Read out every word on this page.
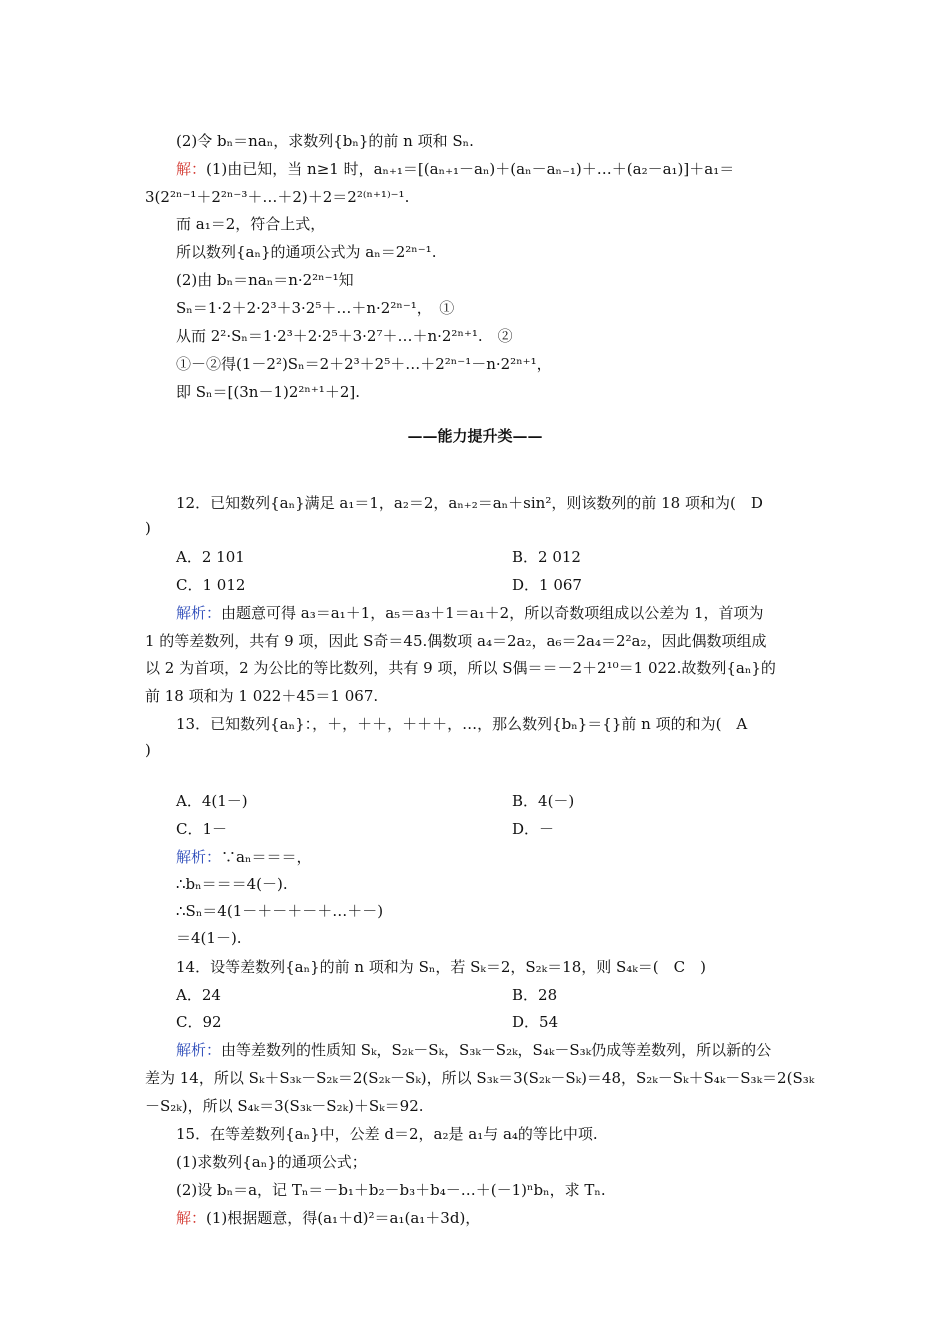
——能力提升类——
(2)令 bₙ＝naₙ，求数列{bₙ}的前 n 项和 Sₙ.
解：(1)由已知，当 n≥1 时，aₙ₊₁＝[(aₙ₊₁－aₙ)＋(aₙ－aₙ₋₁)＋…＋(a₂－a₁)]＋a₁＝
3(2²ⁿ⁻¹＋2²ⁿ⁻³＋…＋2)＋2＝2²⁽ⁿ⁺¹⁾⁻¹.
而 a₁＝2，符合上式，
所以数列{aₙ}的通项公式为 aₙ＝2²ⁿ⁻¹.
(2)由 bₙ＝naₙ＝n·2²ⁿ⁻¹知
Sₙ＝1·2＋2·2³＋3·2⁵＋…＋n·2²ⁿ⁻¹，　①
从而 2²·Sₙ＝1·2³＋2·2⁵＋3·2⁷＋…＋n·2²ⁿ⁺¹.　②
①－②得(1－2²)Sₙ＝2＋2³＋2⁵＋…＋2²ⁿ⁻¹－n·2²ⁿ⁺¹，
即 Sₙ＝[(3n－1)2²ⁿ⁺¹＋2].
12．已知数列{aₙ}满足 a₁＝1，a₂＝2，aₙ₊₂＝aₙ＋sin²，则该数列的前 18 项和为(　D
)
A．2 101	B．2 012
C．1 012	D．1 067
解析：由题意可得 a₃＝a₁＋1，a₅＝a₃＋1＝a₁＋2，所以奇数项组成以公差为 1，首项为
1 的等差数列，共有 9 项，因此 S奇＝45.偶数项 a₄＝2a₂，a₆＝2a₄＝2²a₂，因此偶数项组成
以 2 为首项，2 为公比的等比数列，共有 9 项，所以 S偶＝＝－2＋2¹⁰＝1 022.故数列{aₙ}的
前 18 项和为 1 022＋45＝1 067.
13．已知数列{aₙ}：，＋，＋＋，＋＋＋，…，那么数列{bₙ}＝{}前 n 项的和为(　A
)
A．4(1－)	B．4(－)
C．1－	D．－
解析：∵aₙ＝＝＝，
∴bₙ＝＝＝4(－).
∴Sₙ＝4(1－＋－＋－＋…＋－)
＝4(1－).
14．设等差数列{aₙ}的前 n 项和为 Sₙ，若 Sₖ＝2，S₂ₖ＝18，则 S₄ₖ＝(　C　)
A．24	B．28
C．92	D．54
解析：由等差数列的性质知 Sₖ，S₂ₖ－Sₖ，S₃ₖ－S₂ₖ，S₄ₖ－S₃ₖ仍成等差数列，所以新的公
差为 14，所以 Sₖ＋S₃ₖ－S₂ₖ＝2(S₂ₖ－Sₖ)，所以 S₃ₖ＝3(S₂ₖ－Sₖ)＝48，S₂ₖ－Sₖ＋S₄ₖ－S₃ₖ＝2(S₃ₖ
－S₂ₖ)，所以 S₄ₖ＝3(S₃ₖ－S₂ₖ)＋Sₖ＝92.
15．在等差数列{aₙ}中，公差 d＝2，a₂是 a₁与 a₄的等比中项.
(1)求数列{aₙ}的通项公式；
(2)设 bₙ＝a，记 Tₙ＝－b₁＋b₂－b₃＋b₄－…＋(－1)ⁿbₙ，求 Tₙ.
解：(1)根据题意，得(a₁＋d)²＝a₁(a₁＋3d)，
